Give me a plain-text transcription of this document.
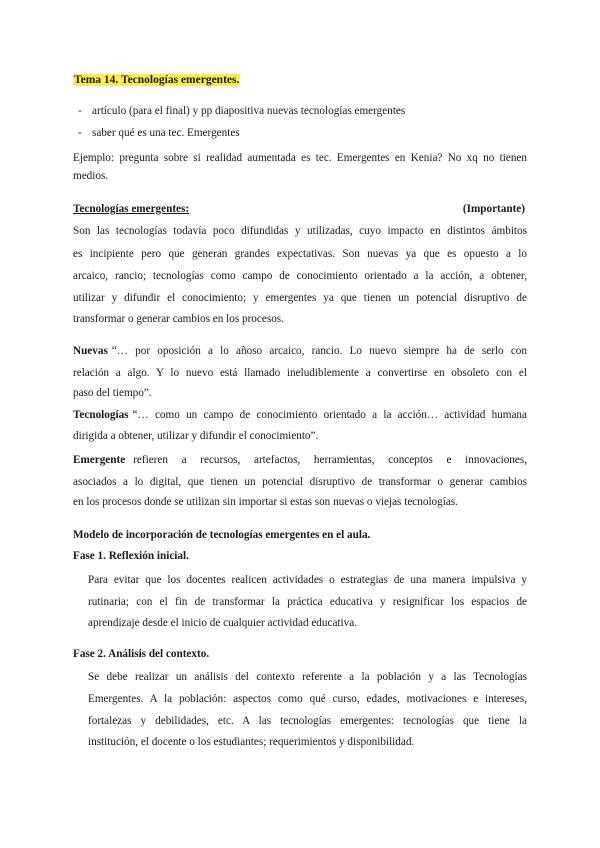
Tema 14. Tecnologías emergentes.
- artículo (para el final) y pp diapositiva nuevas tecnologías emergentes
- saber qué es una tec. Emergentes
Ejemplo: pregunta sobre si realidad aumentada es tec. Emergentes en Kenia? No xq no tienen
medios.
Tecnologías emergentes:	(Importante)
Son las tecnologías todavía poco difundidas y utilizadas, cuyo impacto en distintos ámbitos
es incipiente pero que generan grandes expectativas. Son nuevas ya que es opuesto a lo
arcaico, rancio; tecnologías como campo de conocimiento orientado a la acción, a obtener,
utilizar y difundir el conocimiento; y emergentes ya que tienen un potencial disruptivo de
transformar o generar cambios en los procesos.
Nuevas “… por oposición a lo añoso arcaico, rancio. Lo nuevo siempre ha de serlo con
relación a algo. Y lo nuevo está llamado ineludiblemente a convertirse en obsoleto con el
paso del tiempo”.
Tecnologías “… como un campo de conocimiento orientado a la acción… actividad humana
dirigida a obtener, utilizar y difundir el conocimiento”.
Emergente refieren a recursos, artefactos, herramientas, conceptos e innovaciones,
asociados a lo digital, que tienen un potencial disruptivo de transformar o generar cambios
en los procesos donde se utilizan sin importar si estas son nuevas o viejas tecnologías.
Modelo de incorporación de tecnologías emergentes en el aula.
Fase 1. Reflexión inicial.
Para evitar que los docentes realicen actividades o estrategias de una manera impulsiva y
rutinaria; con el fin de transformar la práctica educativa y resignificar los espacios de
aprendizaje desde el inicio de cualquier actividad educativa.
Fase 2. Análisis del contexto.
Se debe realizar un análisis del contexto referente a la población y a las Tecnologías
Emergentes. A la población: aspectos como qué curso, edades, motivaciones e intereses,
fortalezas y debilidades, etc. A las tecnologías emergentes: tecnologías que tiene la
institución, el docente o los estudiantes; requerimientos y disponibilidad.
